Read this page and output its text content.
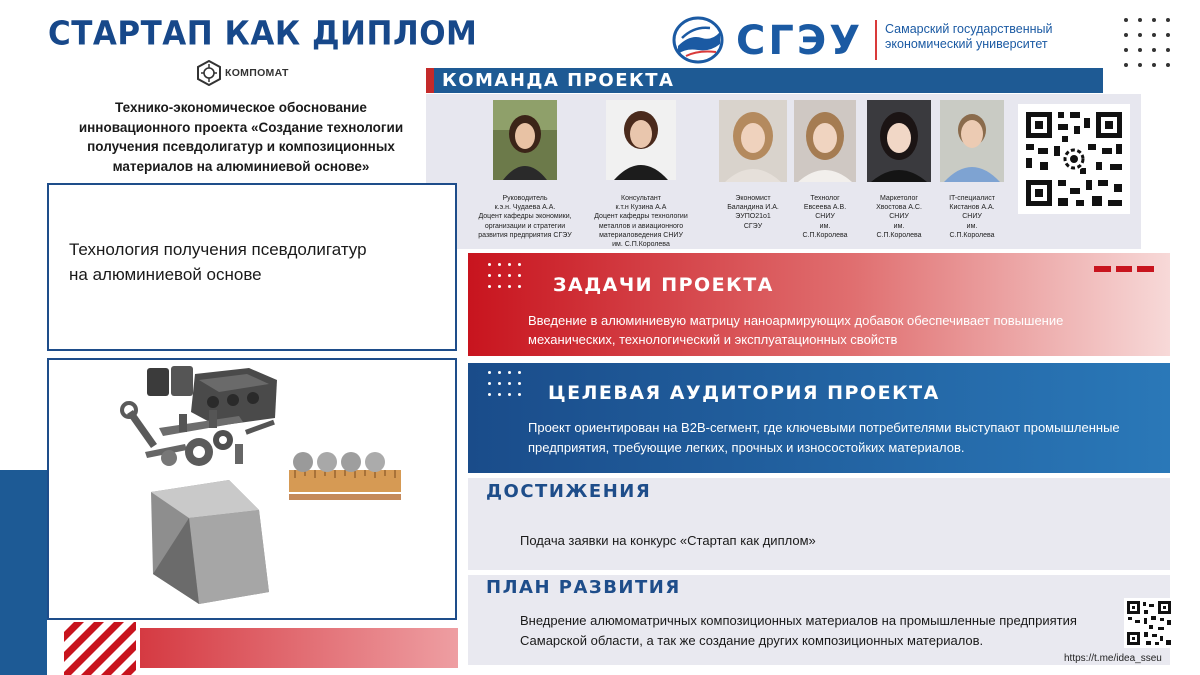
СТАРТАП КАК ДИПЛОМ	СГЭУ Самарский государственный
экономический университет
КОМПОМАТ
Технико-экономическое обоснование
инновационного проекта «Создание технологии
получения псевдолигатур и композиционных
материалов на алюминиевой основе»
КОМАНДА ПРОЕКТА
Руководитель
к.э.н. Чудаева А.А.
Доцент кафедры экономики,
организации и стратегии
развития предприятия СГЭУ
Консультант
к.т.н Кузина А.А
Доцент кафедры технологии
металлов и авиационного
материаловедения СНИУ
им. С.П.Королева
Экономист
Баландина И.А.
ЭУПО21о1
СГЭУ
Технолог
Евсеева А.В.
СНИУ
им.
С.П.Королева
Маркетолог
Хвостова А.С.
СНИУ
им.
С.П.Королева
IT-специалист
Кистанов А.А.
СНИУ
им.
С.П.Королева
Технология получения псевдолигатур
на алюминиевой основе	ЗАДАЧИ ПРОЕКТА
Введение в алюминиевую матрицу наноармирующих добавок обеспечивает повышение
механических, технологический и эксплуатационных свойств
ЦЕЛЕВАЯ АУДИТОРИЯ ПРОЕКТА
Проект ориентирован на B2B-сегмент, где ключевыми потребителями выступают промышленные
предприятия, требующие легких, прочных и износостойких материалов.
ДОСТИЖЕНИЯ
Подача заявки на конкурс «Стартап как диплом»
ПЛАН РАЗВИТИЯ
Внедрение алюмоматричных композиционных материалов на промышленные предприятия
Самарской области, а так же создание других композиционных материалов.
https://t.me/idea_sseu
